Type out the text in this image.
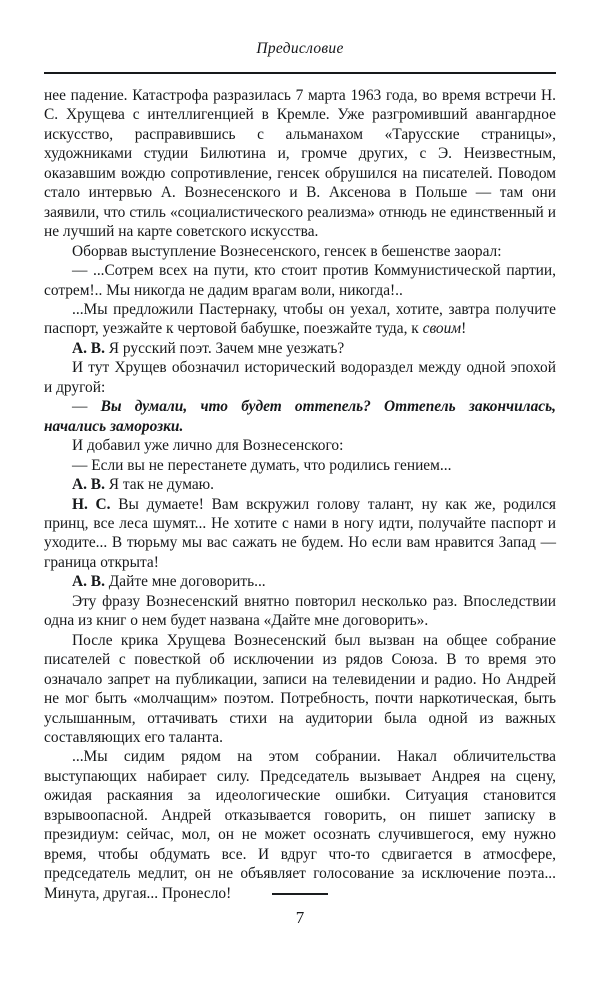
Предисловие

нее падение. Катастрофа разразилась 7 марта 1963 года, во время встречи Н. С. Хрущева с интеллигенцией в Кремле. Уже разгромивший авангардное искусство, расправившись с альманахом «Тарусские страницы», художниками студии Билютина и, громче других, с Э. Неизвестным, оказавшим вождю сопротивление, генсек обрушился на писателей. Поводом стало интервью А. Вознесенского и В. Аксенова в Польше — там они заявили, что стиль «социалистического реализма» отнюдь не единственный и не лучший на карте советского искусства.

Оборвав выступление Вознесенского, генсек в бешенстве заорал:

— ...Сотрем всех на пути, кто стоит против Коммунистической партии, сотрем!.. Мы никогда не дадим врагам воли, никогда!..

...Мы предложили Пастернаку, чтобы он уехал, хотите, завтра получите паспорт, уезжайте к чертовой бабушке, поезжайте туда, к своим!

А. В. Я русский поэт. Зачем мне уезжать?

И тут Хрущев обозначил исторический водораздел между одной эпохой и другой:

— Вы думали, что будет оттепель? Оттепель закончилась, начались заморозки.

И добавил уже лично для Вознесенского:

— Если вы не перестанете думать, что родились гением...

А. В. Я так не думаю.

Н. С. Вы думаете! Вам вскружил голову талант, ну как же, родился принц, все леса шумят... Не хотите с нами в ногу идти, получайте паспорт и уходите... В тюрьму мы вас сажать не будем. Но если вам нравится Запад — граница открыта!

А. В. Дайте мне договорить...

Эту фразу Вознесенский внятно повторил несколько раз. Впоследствии одна из книг о нем будет названа «Дайте мне договорить».

После крика Хрущева Вознесенский был вызван на общее собрание писателей с повесткой об исключении из рядов Союза. В то время это означало запрет на публикации, записи на телевидении и радио. Но Андрей не мог быть «молчащим» поэтом. Потребность, почти наркотическая, быть услышанным, оттачивать стихи на аудитории была одной из важных составляющих его таланта.

...Мы сидим рядом на этом собрании. Накал обличительства выступающих набирает силу. Председатель вызывает Андрея на сцену, ожидая раскаяния за идеологические ошибки. Ситуация становится взрывоопасной. Андрей отказывается говорить, он пишет записку в президиум: сейчас, мол, он не может осознать случившегося, ему нужно время, чтобы обдумать все. И вдруг что-то сдвигается в атмосфере, председатель медлит, он не объявляет голосование за исключение поэта... Минута, другая... Пронесло!

7
